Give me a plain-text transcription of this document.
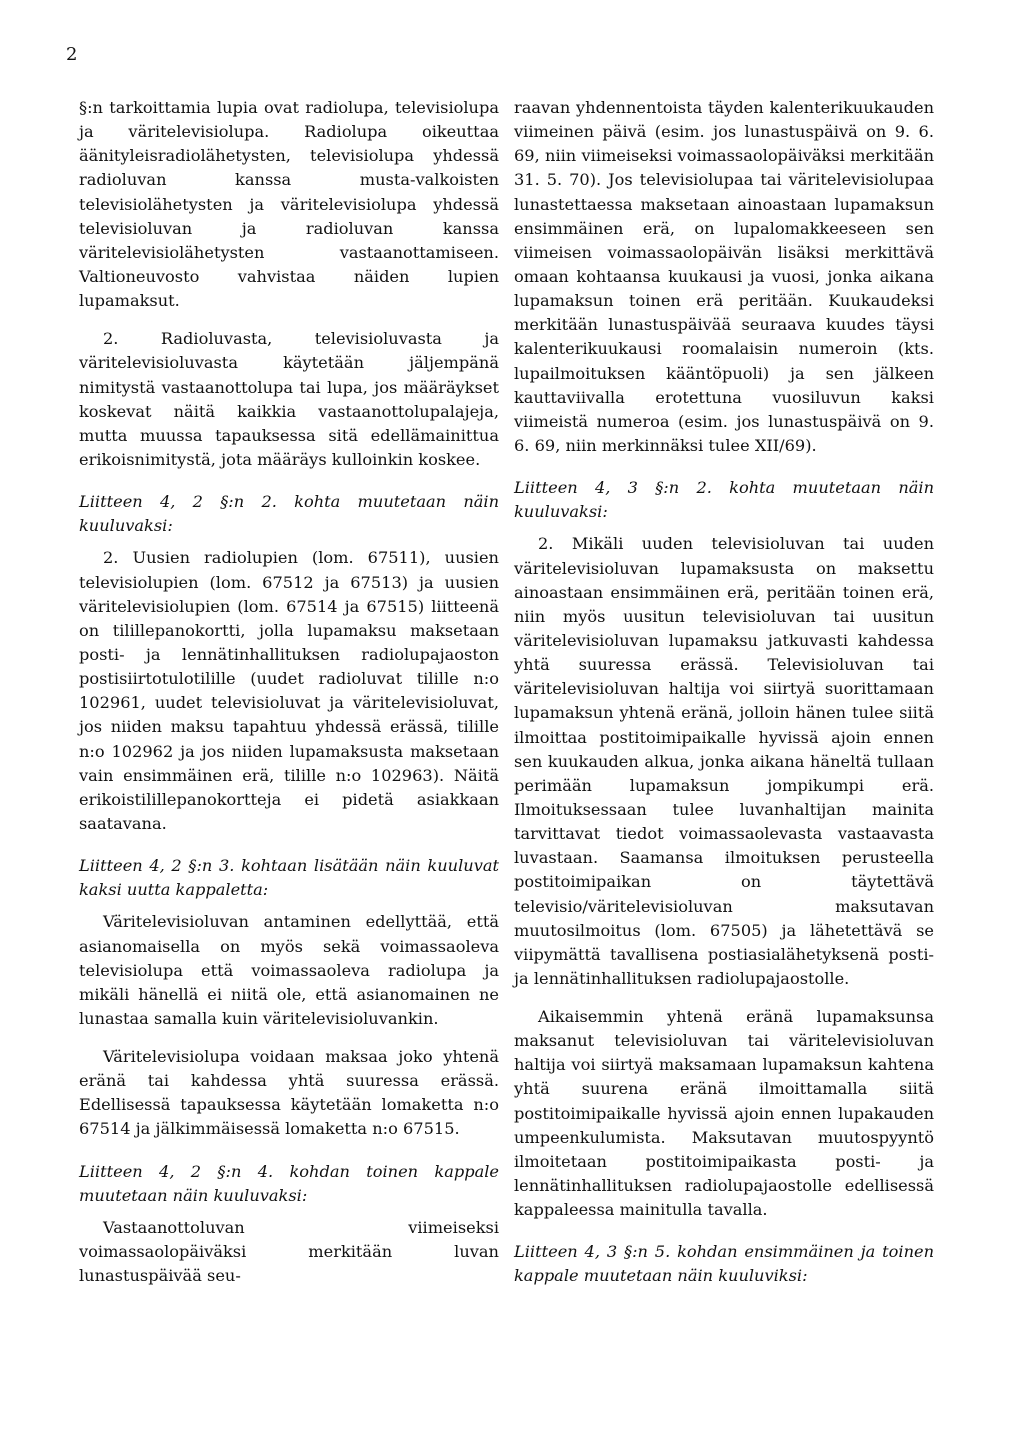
2

§:n tarkoittamia lupia ovat radiolupa, televisiolupa ja väritelevisiolupa. Radiolupa oikeuttaa äänityleisradiolähetysten, televisiolupa yhdessä radioluvan kanssa musta-valkoisten televisiolähetysten ja väritelevisiolupa yhdessä televisioluvan ja radioluvan kanssa väritelevisiolähetysten vastaanottamiseen. Valtioneuvosto vahvistaa näiden lupien lupamaksut.

2. Radioluvasta, televisioluvasta ja väritelevisioluvasta käytetään jäljempänä nimitystä vastaanottolupa tai lupa, jos määräykset koskevat näitä kaikkia vastaanottolupalajeja, mutta muussa tapauksessa sitä edellämainittua erikoisnimitystä, jota määräys kulloinkin koskee.

Liitteen 4, 2 §:n 2. kohta muutetaan näin kuuluvaksi:

2. Uusien radiolupien (lom. 67511), uusien televisiolupien (lom. 67512 ja 67513) ja uusien väritelevisiolupien (lom. 67514 ja 67515) liitteenä on tilillepanokortti, jolla lupamaksu maksetaan posti- ja lennätinhallituksen radiolupajaoston postisiirtotulotilille (uudet radioluvat tilille n:o 102961, uudet televisioluvat ja väritelevisioluvat, jos niiden maksu tapahtuu yhdessä erässä, tilille n:o 102962 ja jos niiden lupamaksusta maksetaan vain ensimmäinen erä, tilille n:o 102963). Näitä erikoistilillepanokortteja ei pidetä asiakkaan saatavana.

Liitteen 4, 2 §:n 3. kohtaan lisätään näin kuuluvat kaksi uutta kappaletta:

Väritelevisioluvan antaminen edellyttää, että asianomaisella on myös sekä voimassaoleva televisiolupa että voimassaoleva radiolupa ja mikäli hänellä ei niitä ole, että asianomainen ne lunastaa samalla kuin väritelevisioluvankin.

Väritelevisiolupa voidaan maksaa joko yhtenä eränä tai kahdessa yhtä suuressa erässä. Edellisessä tapauksessa käytetään lomaketta n:o 67514 ja jälkimmäisessä lomaketta n:o 67515.

Liitteen 4, 2 §:n 4. kohdan toinen kappale muutetaan näin kuuluvaksi:

Vastaanottoluvan viimeiseksi voimassaolopäiväksi merkitään luvan lunastuspäivää seu-

raavan yhdennentoista täyden kalenterikuukauden viimeinen päivä (esim. jos lunastuspäivä on 9. 6. 69, niin viimeiseksi voimassaolopäiväksi merkitään 31. 5. 70). Jos televisiolupaa tai väritelevisiolupaa lunastettaessa maksetaan ainoastaan lupamaksun ensimmäinen erä, on lupalomakkeeseen sen viimeisen voimassaolopäivän lisäksi merkittävä omaan kohtaansa kuukausi ja vuosi, jonka aikana lupamaksun toinen erä peritään. Kuukaudeksi merkitään lunastuspäivää seuraava kuudes täysi kalenterikuukausi roomalaisin numeroin (kts. lupailmoituksen kääntöpuoli) ja sen jälkeen kauttaviivalla erotettuna vuosiluvun kaksi viimeistä numeroa (esim. jos lunastuspäivä on 9. 6. 69, niin merkinnäksi tulee XII/69).

Liitteen 4, 3 §:n 2. kohta muutetaan näin kuuluvaksi:

2. Mikäli uuden televisioluvan tai uuden väritelevisioluvan lupamaksusta on maksettu ainoastaan ensimmäinen erä, peritään toinen erä, niin myös uusitun televisioluvan tai uusitun väritelevisioluvan lupamaksu jatkuvasti kahdessa yhtä suuressa erässä. Televisioluvan tai väritelevisioluvan haltija voi siirtyä suorittamaan lupamaksun yhtenä eränä, jolloin hänen tulee siitä ilmoittaa postitoimipaikalle hyvissä ajoin ennen sen kuukauden alkua, jonka aikana häneltä tullaan perimään lupamaksun jompikumpi erä. Ilmoituksessaan tulee luvanhaltijan mainita tarvittavat tiedot voimassaolevasta vastaavasta luvastaan. Saamansa ilmoituksen perusteella postitoimipaikan on täytettävä televisio/väritelevisioluvan maksutavan muutosilmoitus (lom. 67505) ja lähetettävä se viipymättä tavallisena postiasialähetyksenä posti- ja lennätinhallituksen radiolupajaostolle.

Aikaisemmin yhtenä eränä lupamaksunsa maksanut televisioluvan tai väritelevisioluvan haltija voi siirtyä maksamaan lupamaksun kahtena yhtä suurena eränä ilmoittamalla siitä postitoimipaikalle hyvissä ajoin ennen lupakauden umpeenkulumista. Maksutavan muutospyyntö ilmoitetaan postitoimipaikasta posti- ja lennätinhallituksen radiolupajaostolle edellisessä kappaleessa mainitulla tavalla.

Liitteen 4, 3 §:n 5. kohdan ensimmäinen ja toinen kappale muutetaan näin kuuluviksi:
